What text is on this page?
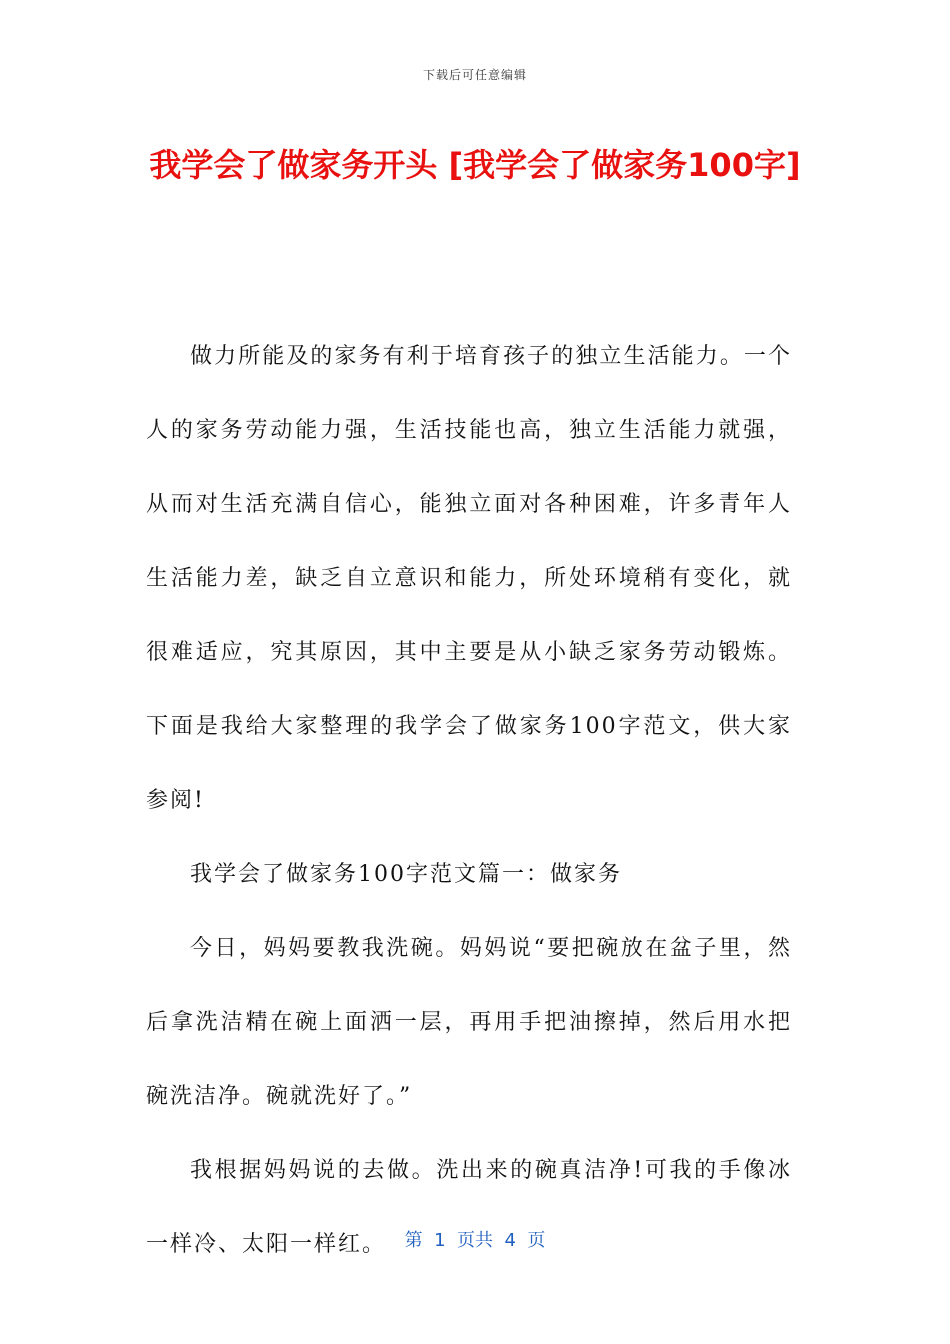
下载后可任意编辑
我学会了做家务开头 [我学会了做家务100字]

做力所能及的家务有利于培育孩子的独立生活能力。一个人的家务劳动能力强，生活技能也高，独立生活能力就强，从而对生活充满自信心，能独立面对各种困难，许多青年人生活能力差，缺乏自立意识和能力，所处环境稍有变化，就很难适应，究其原因，其中主要是从小缺乏家务劳动锻炼。下面是我给大家整理的我学会了做家务100字范文，供大家参阅!

我学会了做家务100字范文篇一：做家务

今日，妈妈要教我洗碗。妈妈说“要把碗放在盆子里，然后拿洗洁精在碗上面洒一层，再用手把油擦掉，然后用水把碗洗洁净。碗就洗好了。”

我根据妈妈说的去做。洗出来的碗真洁净!可我的手像冰一样冷、太阳一样红。	第  1  页共  4  页
